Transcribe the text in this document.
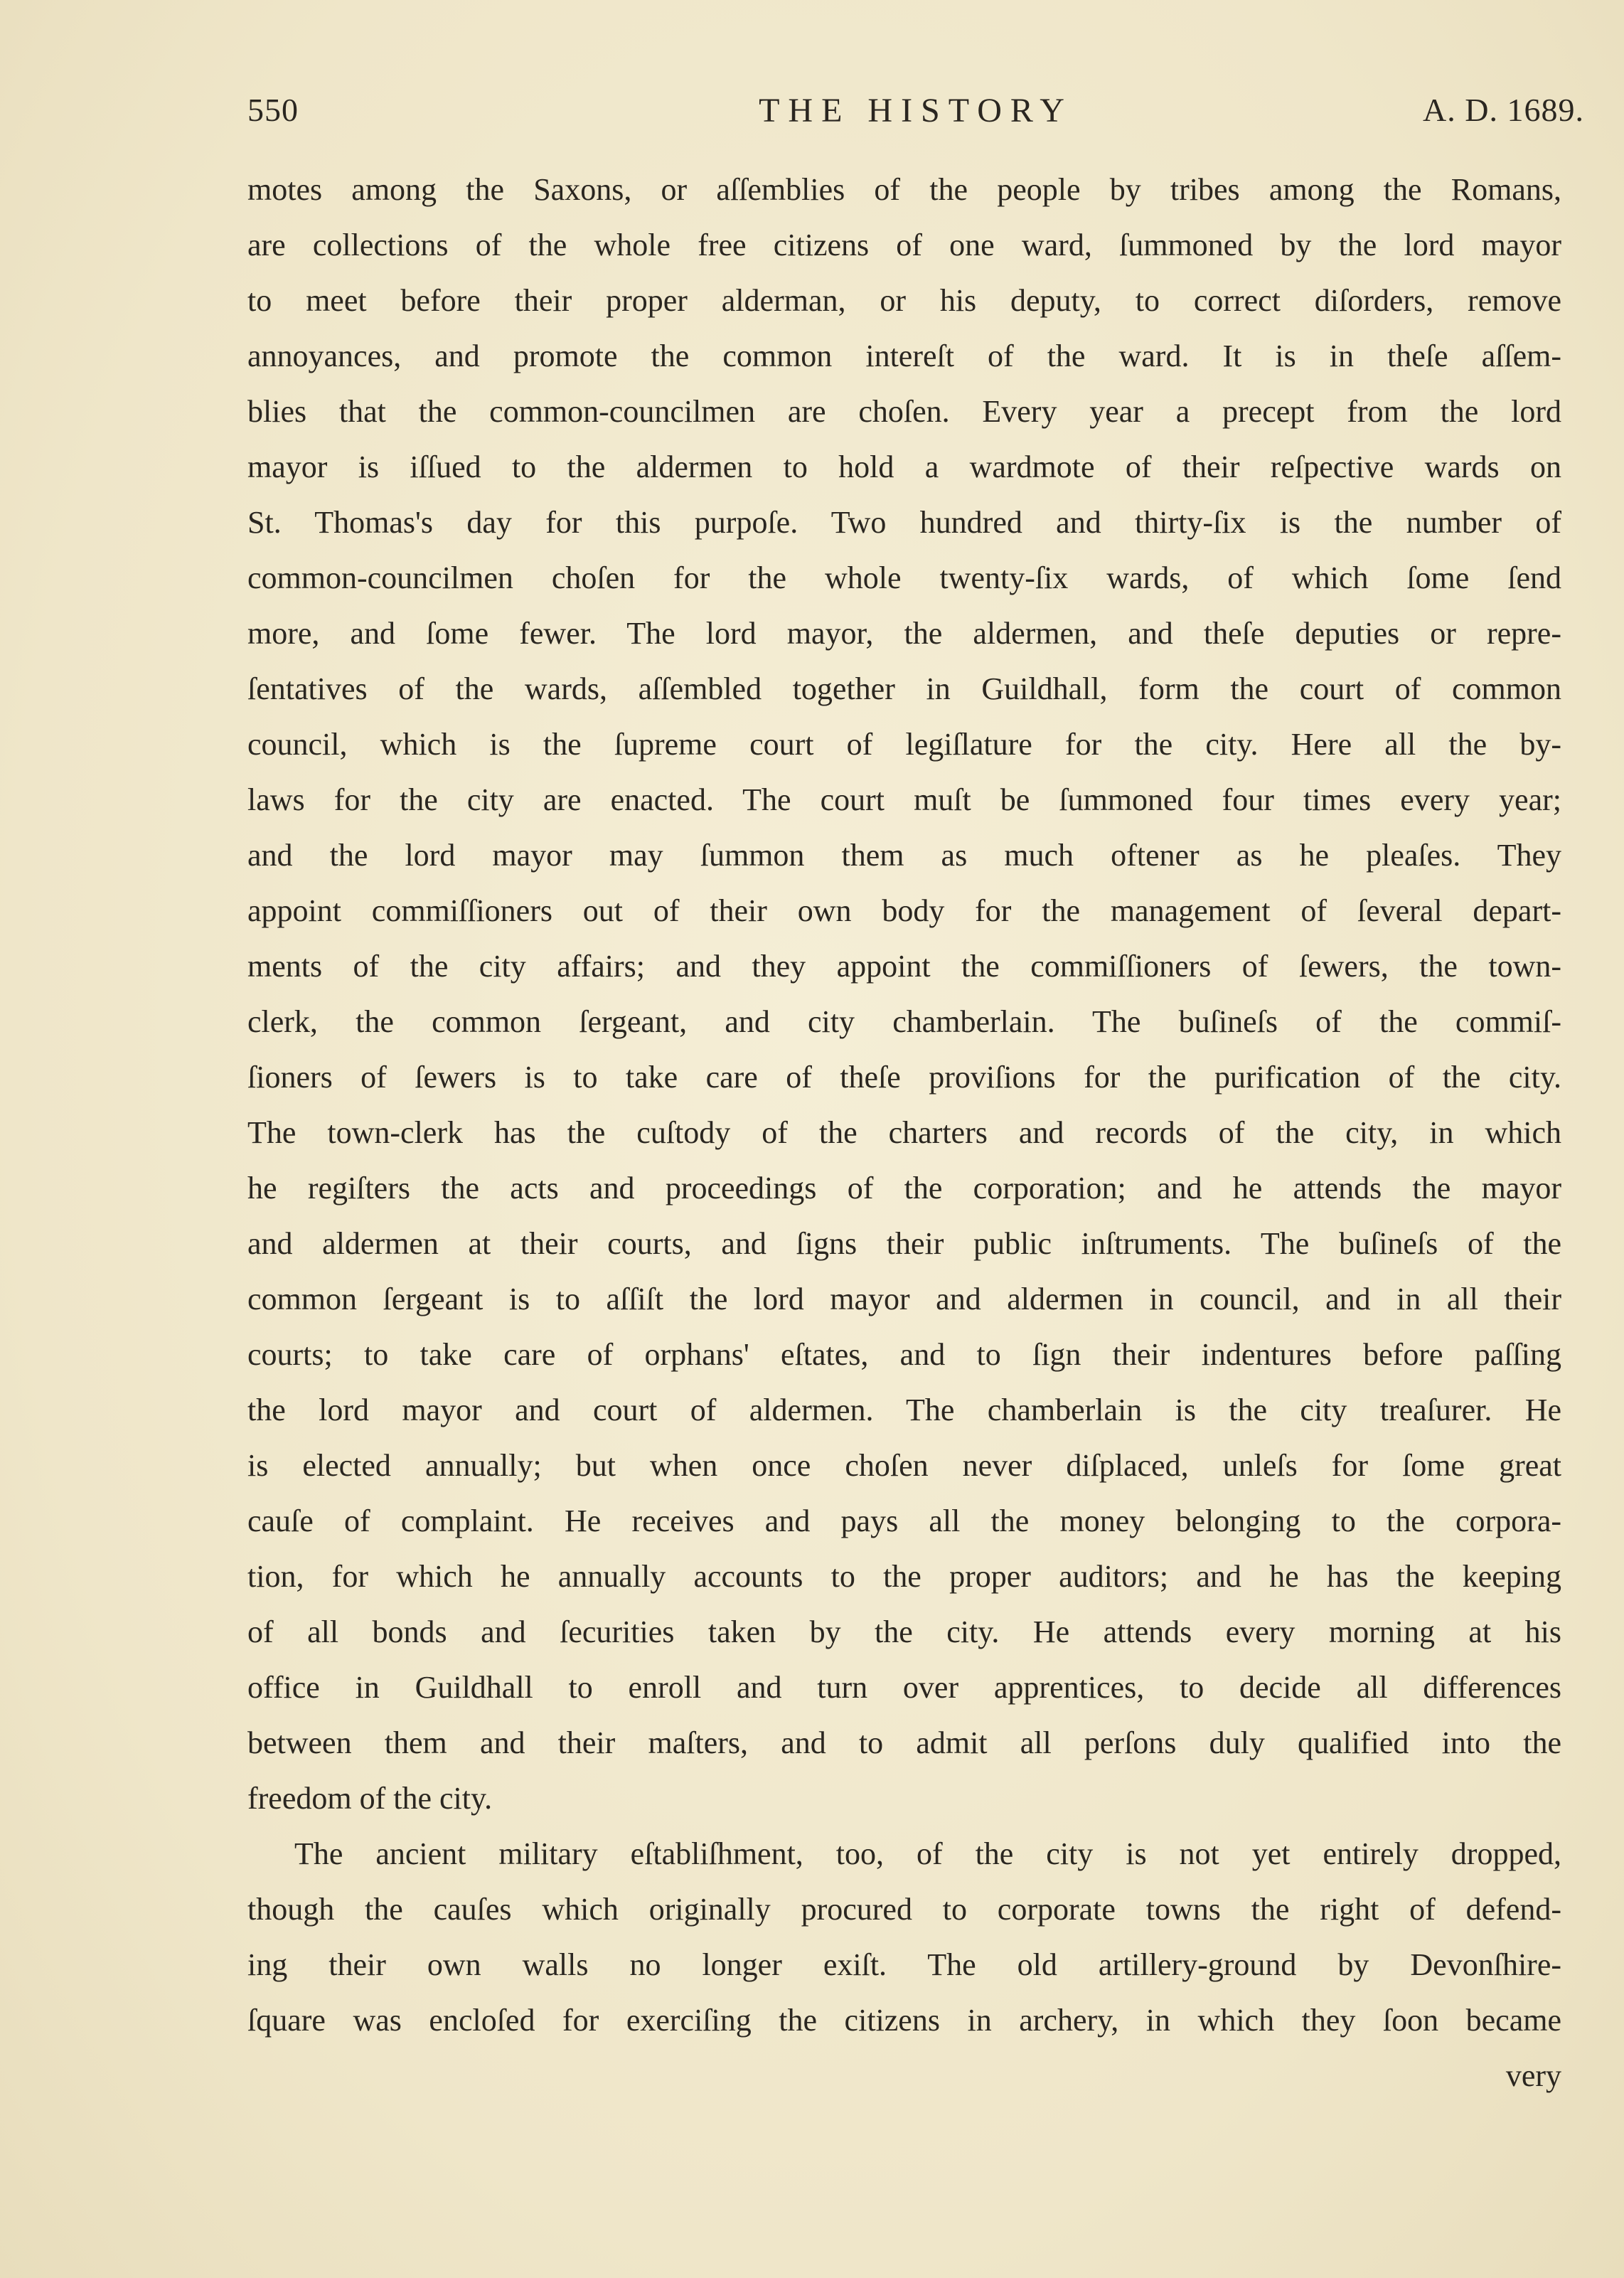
550	THE HISTORY	A. D. 1689.
motes among the Saxons, or aſſemblies of the people by tribes among the Romans,
are collections of the whole free citizens of one ward, ſummoned by the lord mayor
to meet before their proper alderman, or his deputy, to correct diſorders, remove
annoyances, and promote the common intereſt of the ward. It is in theſe aſſem-
blies that the common-councilmen are choſen. Every year a precept from the lord
mayor is iſſued to the aldermen to hold a wardmote of their reſpective wards on
St. Thomas's day for this purpoſe. Two hundred and thirty-ſix is the number of
common-councilmen choſen for the whole twenty-ſix wards, of which ſome ſend
more, and ſome fewer. The lord mayor, the aldermen, and theſe deputies or repre-
ſentatives of the wards, aſſembled together in Guildhall, form the court of common
council, which is the ſupreme court of legiſlature for the city. Here all the by-
laws for the city are enacted. The court muſt be ſummoned four times every year;
and the lord mayor may ſummon them as much oftener as he pleaſes. They
appoint commiſſioners out of their own body for the management of ſeveral depart-
ments of the city affairs; and they appoint the commiſſioners of ſewers, the town-
clerk, the common ſergeant, and city chamberlain. The buſineſs of the commiſ-
ſioners of ſewers is to take care of theſe proviſions for the purification of the city.
The town-clerk has the cuſtody of the charters and records of the city, in which
he regiſters the acts and proceedings of the corporation; and he attends the mayor
and aldermen at their courts, and ſigns their public inſtruments. The buſineſs of the
common ſergeant is to aſſiſt the lord mayor and aldermen in council, and in all their
courts; to take care of orphans' eſtates, and to ſign their indentures before paſſing
the lord mayor and court of aldermen. The chamberlain is the city treaſurer. He
is elected annually; but when once choſen never diſplaced, unleſs for ſome great
cauſe of complaint. He receives and pays all the money belonging to the corpora-
tion, for which he annually accounts to the proper auditors; and he has the keeping
of all bonds and ſecurities taken by the city. He attends every morning at his
office in Guildhall to enroll and turn over apprentices, to decide all differences
between them and their maſters, and to admit all perſons duly qualified into the
freedom of the city.
The ancient military eſtabliſhment, too, of the city is not yet entirely dropped,
though the cauſes which originally procured to corporate towns the right of defend-
ing their own walls no longer exiſt. The old artillery-ground by Devonſhire-
ſquare was encloſed for exerciſing the citizens in archery, in which they ſoon became
very
